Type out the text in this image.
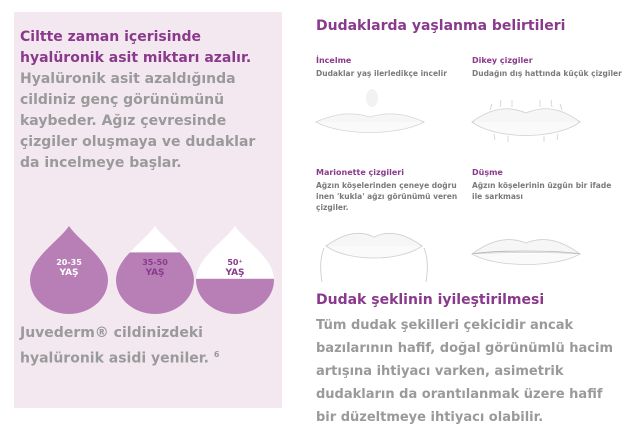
Ciltte zaman içerisinde hyalüronik asit miktarı azalır.
Hyalüronik asit azaldığında cildiniz genç görünümünü kaybeder. Ağız çevresinde çizgiler oluşmaya ve dudaklar da incelmeye başlar.
20-35
YAŞ
35-50
YAŞ
50⁺
YAŞ
Juvederm® cildinizdeki hyalüronik asidi yeniler. $^6$
Dudaklarda yaşlanma belirtileri
İncelme
Dudaklar yaş ilerledikçe incelir
Dikey çizgiler
Dudağın dış hattında küçük çizgiler
Marionette çizgileri
Ağzın köşelerinden çeneye doğru inen 'kukla' ağzı görünümü veren çizgiler.
Düşme
Ağzın köşelerinin üzgün bir ifade ile sarkması
Dudak şeklinin iyileştirilmesi
Tüm dudak şekilleri çekicidir ancak bazılarının hafif, doğal görünümlü hacim artışına ihtiyacı varken, asimetrik dudakların da orantılanmak üzere hafif bir düzeltmeye ihtiyacı olabilir.
